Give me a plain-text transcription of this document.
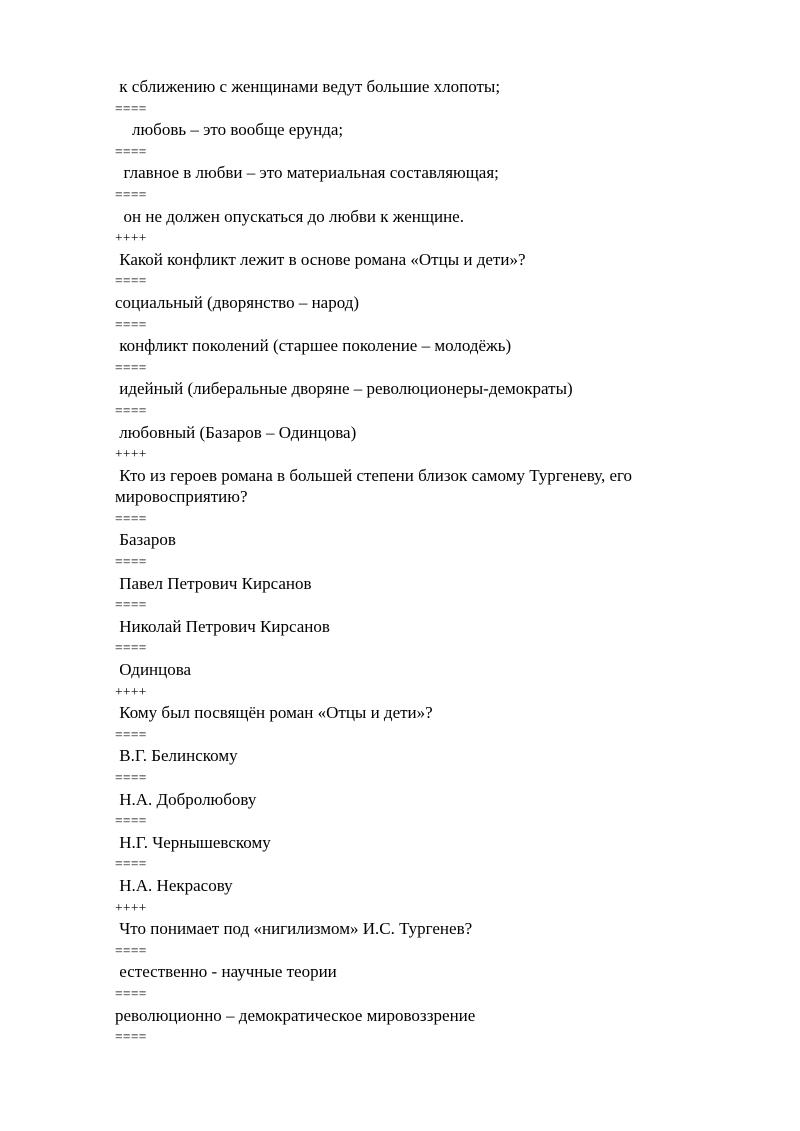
к сближению с женщинами ведут большие хлопоты;
====
любовь – это вообще ерунда;
====
главное в любви – это материальная составляющая;
====
он не должен опускаться до любви к женщине.
++++
Какой конфликт лежит в основе романа «Отцы и дети»?
====
социальный (дворянство – народ)
====
конфликт поколений (старшее поколение – молодёжь)
====
идейный (либеральные дворяне – революционеры-демократы)
====
любовный (Базаров – Одинцова)
++++
Кто из героев романа в большей степени близок самому Тургеневу, его мировосприятию?
====
Базаров
====
Павел Петрович Кирсанов
====
Николай Петрович Кирсанов
====
Одинцова
++++
Кому был посвящён роман «Отцы и дети»?
====
В.Г. Белинскому
====
Н.А. Добролюбову
====
Н.Г. Чернышевскому
====
Н.А. Некрасову
++++
Что понимает под «нигилизмом» И.С. Тургенев?
====
естественно - научные теории
====
революционно – демократическое мировоззрение
====
